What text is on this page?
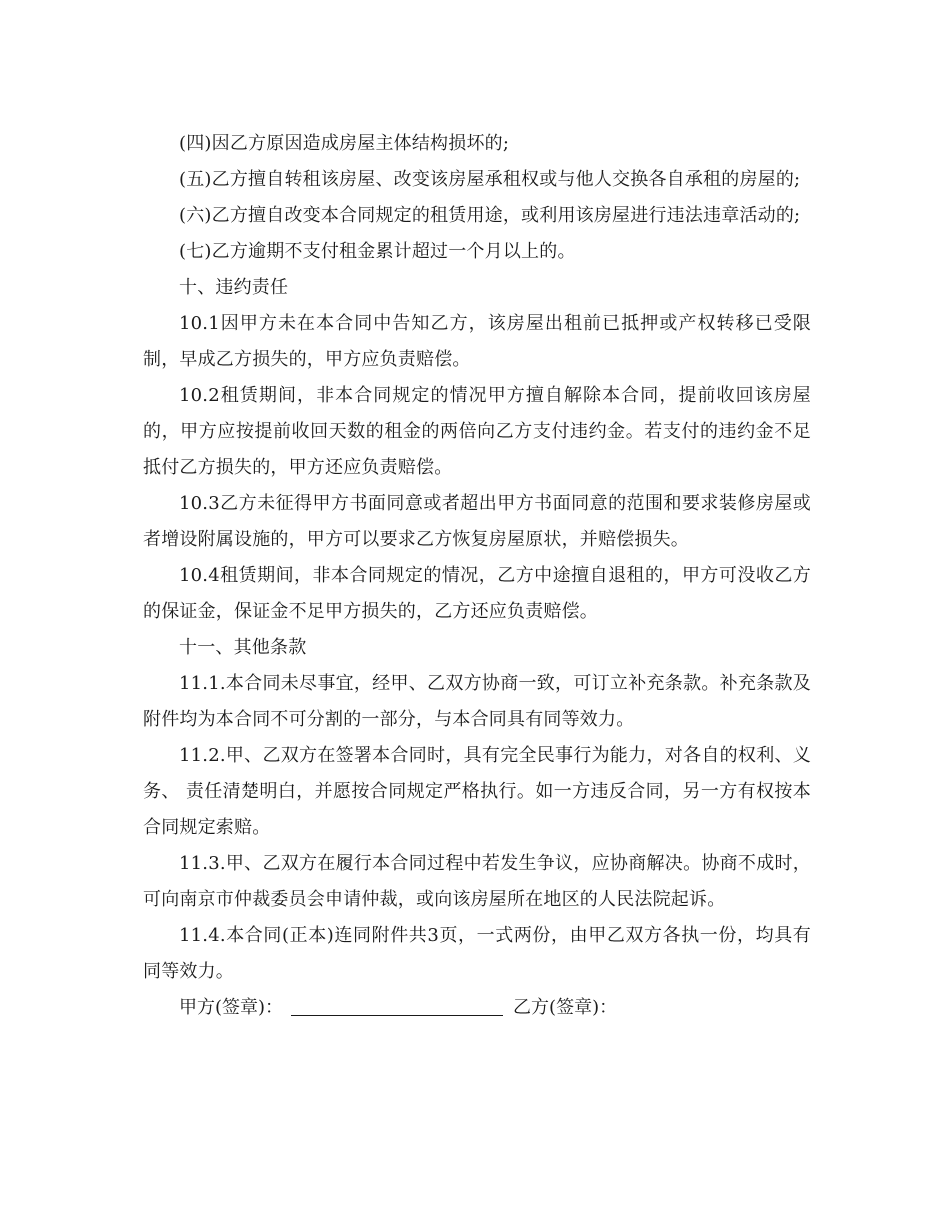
(四)因乙方原因造成房屋主体结构损坏的;

(五)乙方擅自转租该房屋、改变该房屋承租权或与他人交换各自承租的房屋的;

(六)乙方擅自改变本合同规定的租赁用途，或利用该房屋进行违法违章活动的;

(七)乙方逾期不支付租金累计超过一个月以上的。

十、违约责任

10.1因甲方未在本合同中告知乙方，该房屋出租前已抵押或产权转移已受限制，早成乙方损失的，甲方应负责赔偿。

10.2租赁期间，非本合同规定的情况甲方擅自解除本合同，提前收回该房屋的，甲方应按提前收回天数的租金的两倍向乙方支付违约金。若支付的违约金不足抵付乙方损失的，甲方还应负责赔偿。

10.3乙方未征得甲方书面同意或者超出甲方书面同意的范围和要求装修房屋或者增设附属设施的，甲方可以要求乙方恢复房屋原状，并赔偿损失。

10.4租赁期间，非本合同规定的情况，乙方中途擅自退租的，甲方可没收乙方的保证金，保证金不足甲方损失的，乙方还应负责赔偿。

十一、其他条款

11.1.本合同未尽事宜，经甲、乙双方协商一致，可订立补充条款。补充条款及附件均为本合同不可分割的一部分，与本合同具有同等效力。

11.2.甲、乙双方在签署本合同时，具有完全民事行为能力，对各自的权利、义务、 责任清楚明白，并愿按合同规定严格执行。如一方违反合同，另一方有权按本合同规定索赔。

11.3.甲、乙双方在履行本合同过程中若发生争议，应协商解决。协商不成时，可向南京市仲裁委员会申请仲裁，或向该房屋所在地区的人民法院起诉。

11.4.本合同(正本)连同附件共3页，一式两份，由甲乙双方各执一份，均具有同等效力。

甲方(签章)：	乙方(签章)：
